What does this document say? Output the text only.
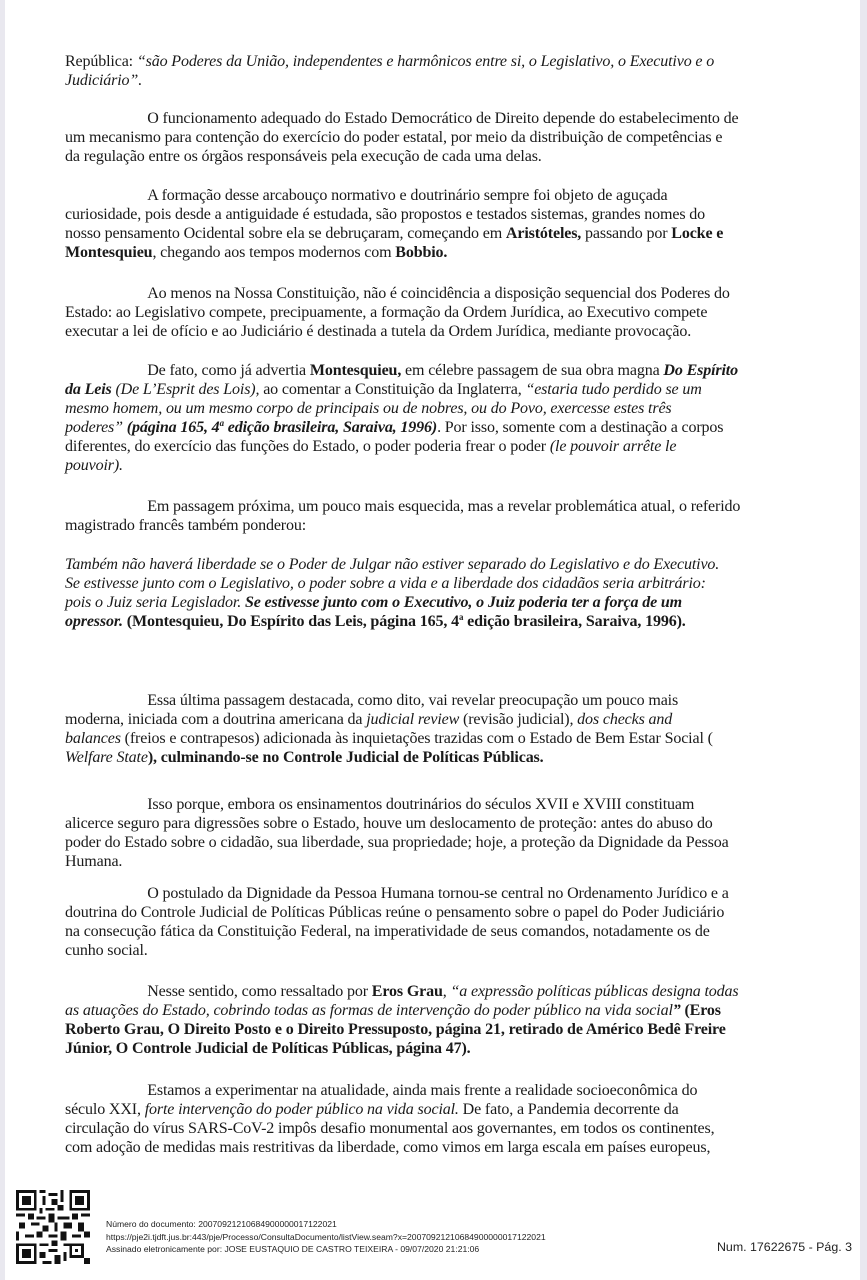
República: “são Poderes da União, independentes e harmônicos entre si, o Legislativo, o Executivo e o
Judiciário”.
O funcionamento adequado do Estado Democrático de Direito depende do estabelecimento de
um mecanismo para contenção do exercício do poder estatal, por meio da distribuição de competências e
da regulação entre os órgãos responsáveis pela execução de cada uma delas.
A formação desse arcabouço normativo e doutrinário sempre foi objeto de aguçada
curiosidade, pois desde a antiguidade é estudada, são propostos e testados sistemas, grandes nomes do
nosso pensamento Ocidental sobre ela se debruçaram, começando em Aristóteles, passando por Locke e
Montesquieu, chegando aos tempos modernos com Bobbio.
Ao menos na Nossa Constituição, não é coincidência a disposição sequencial dos Poderes do
Estado: ao Legislativo compete, precipuamente, a formação da Ordem Jurídica, ao Executivo compete
executar a lei de ofício e ao Judiciário é destinada a tutela da Ordem Jurídica, mediante provocação.
De fato, como já advertia Montesquieu, em célebre passagem de sua obra magna Do Espírito
da Leis (De L’Esprit des Lois), ao comentar a Constituição da Inglaterra, “estaria tudo perdido se um
mesmo homem, ou um mesmo corpo de principais ou de nobres, ou do Povo, exercesse estes três
poderes” (página 165, 4$^a$ edição brasileira, Saraiva, 1996). Por isso, somente com a destinação a corpos
diferentes, do exercício das funções do Estado, o poder poderia frear o poder (le pouvoir arrête le
pouvoir).
Em passagem próxima, um pouco mais esquecida, mas a revelar problemática atual, o referido
magistrado francês também ponderou:
Também não haverá liberdade se o Poder de Julgar não estiver separado do Legislativo e do Executivo.
Se estivesse junto com o Legislativo, o poder sobre a vida e a liberdade dos cidadãos seria arbitrário:
pois o Juiz seria Legislador. Se estivesse junto com o Executivo, o Juiz poderia ter a força de um
opressor. (Montesquieu, Do Espírito das Leis, página 165, 4$^a$ edição brasileira, Saraiva, 1996).
Essa última passagem destacada, como dito, vai revelar preocupação um pouco mais
moderna, iniciada com a doutrina americana da judicial review (revisão judicial), dos checks and
balances (freios e contrapesos) adicionada às inquietações trazidas com o Estado de Bem Estar Social (
Welfare State), culminando-se no Controle Judicial de Políticas Públicas.
Isso porque, embora os ensinamentos doutrinários do séculos XVII e XVIII constituam
alicerce seguro para digressões sobre o Estado, houve um deslocamento de proteção: antes do abuso do
poder do Estado sobre o cidadão, sua liberdade, sua propriedade; hoje, a proteção da Dignidade da Pessoa
Humana.
O postulado da Dignidade da Pessoa Humana tornou-se central no Ordenamento Jurídico e a
doutrina do Controle Judicial de Políticas Públicas reúne o pensamento sobre o papel do Poder Judiciário
na consecução fática da Constituição Federal, na imperatividade de seus comandos, notadamente os de
cunho social.
Nesse sentido, como ressaltado por Eros Grau, “a expressão políticas públicas designa todas
as atuações do Estado, cobrindo todas as formas de intervenção do poder público na vida social” (Eros
Roberto Grau, O Direito Posto e o Direito Pressuposto, página 21, retirado de Américo Bedê Freire
Júnior, O Controle Judicial de Políticas Públicas, página 47).
Estamos a experimentar na atualidade, ainda mais frente a realidade socioeconômica do
século XXI, forte intervenção do poder público na vida social. De fato, a Pandemia decorrente da
circulação do vírus SARS-CoV-2 impôs desafio monumental aos governantes, em todos os continentes,
com adoção de medidas mais restritivas da liberdade, como vimos em larga escala em países europeus,
Número do documento: 20070921210684900000017122021
https://pje2i.tjdft.jus.br:443/pje/Processo/ConsultaDocumento/listView.seam?x=20070921210684900000017122021
Assinado eletronicamente por: JOSE EUSTAQUIO DE CASTRO TEIXEIRA - 09/07/2020 21:21:06	Num. 17622675 - Pág. 3
